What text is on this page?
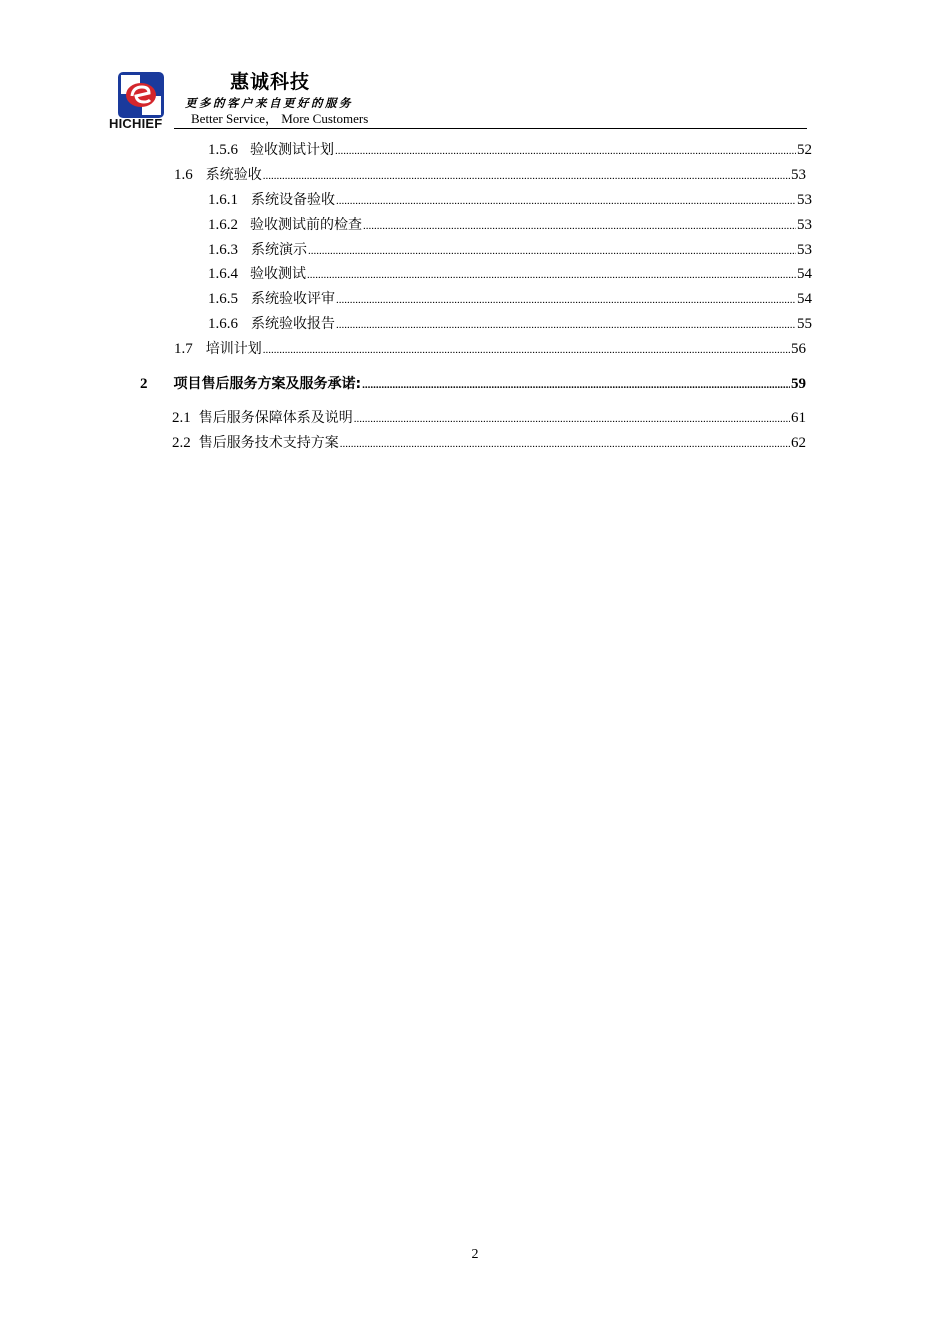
HICHIEF
惠诚科技
更多的客户来自更好的服务
Better Service， More Customers
1.5.6 验收测试计划 .....	52
1.6 系统验收 .....	53
1.6.1 系统设备验收 .....	53
1.6.2 验收测试前的检查 .....	53
1.6.3 系统演示 .....	53
1.6.4 验收测试 .....	54
1.6.5 系统验收评审 .....	54
1.6.6 系统验收报告 .....	55
1.7 培训计划 .....	56
2 项目售后服务方案及服务承诺: .....	59
2.1 售后服务保障体系及说明 .....	61
2.2 售后服务技术支持方案 .....	62
2
